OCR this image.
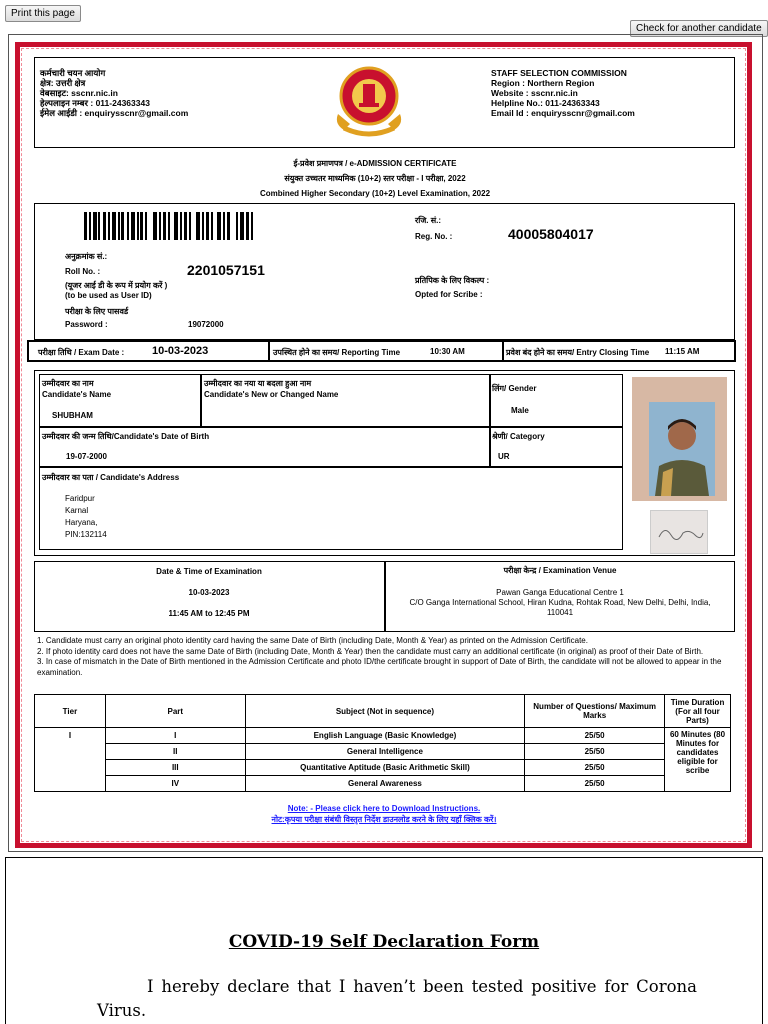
Print this page
Check for another candidate
कर्मचारी चयन आयोग
क्षेत्र: उत्तरी क्षेत्र
वेबसाइट: sscnr.nic.in
हेल्पलाइन नम्बर : 011-24363343
ईमेल आईडी : enquiryssсnr@gmail.com
STAFF SELECTION COMMISSION
Region : Northern Region
Website : sscnr.nic.in
Helpline No.: 011-24363343
Email Id : enquiryssсnr@gmail.com
ई-प्रवेश प्रमाणपत्र / e-ADMISSION CERTIFICATE
संयुक्त उच्चतर माध्यमिक (10+2) स्तर परीक्षा - I परीक्षा, 2022
Combined Higher Secondary (10+2) Level Examination, 2022
अनुक्रमांक सं.:
Roll No. :	2201057151
(यूजर आई डी के रूप में प्रयोग करें )
(to be used as User ID)
परीक्षा के लिए पासवर्ड
Password :	19072000
रजि. सं.:
Reg. No. :	40005804017
प्रतिपिक के लिए विकल्प :
Opted for Scribe :
परीक्षा तिथि / Exam Date :	10-03-2023	उपस्थित होने का समय/ Reporting Time	10:30 AM	प्रवेश बंद होने का समय/ Entry Closing Time 11:15 AM
उम्मीदवार का नाम
Candidate's Name
SHUBHAM
उम्मीदवार का नया या बदला हुआ नाम
Candidate's New or Changed Name
लिंग/ Gender
Male
उम्मीदवार की जन्म तिथि/Candidate's Date of Birth
19-07-2000
श्रेणी/ Category
UR
उम्मीदवार का पता / Candidate's Address
Faridpur
Karnal
Haryana,
PIN:132114
Date & Time of Examination
10-03-2023
11:45 AM to 12:45 PM
परीक्षा केन्द्र / Examination Venue
Pawan Ganga Educational Centre 1
C/O Ganga International School, Hiran Kudna, Rohtak Road, New Delhi, Delhi, India,
110041
1. Candidate must carry an original photo identity card having the same Date of Birth (including Date, Month & Year) as printed on the Admission Certificate.
2. If photo identity card does not have the same Date of Birth (including Date, Month & Year) then the candidate must carry an additional certificate (in original) as proof of their Date of Birth.
3. In case of mismatch in the Date of Birth mentioned in the Admission Certificate and photo ID/the certificate brought in support of Date of Birth, the candidate will not be allowed to appear in the examination.
Tier	Part	Subject (Not in sequence)	Number of Questions/ Maximum Marks	Time Duration (For all four Parts)
I	I	English Language (Basic Knowledge)	25/50	60 Minutes (80 Minutes for candidates eligible for scribe
	II	General Intelligence	25/50	
	III	Quantitative Aptitude (Basic Arithmetic Skill)	25/50	
	IV	General Awareness	25/50	
Note: - Please click here to Download Instructions.
नोट:कृपया परीक्षा संबंधी विस्तृत निर्देश डाउनलोड करने के लिए यहाँ क्लिक करें।
COVID-19 Self Declaration Form
I hereby declare that I haven’t been tested positive for Corona Virus.
